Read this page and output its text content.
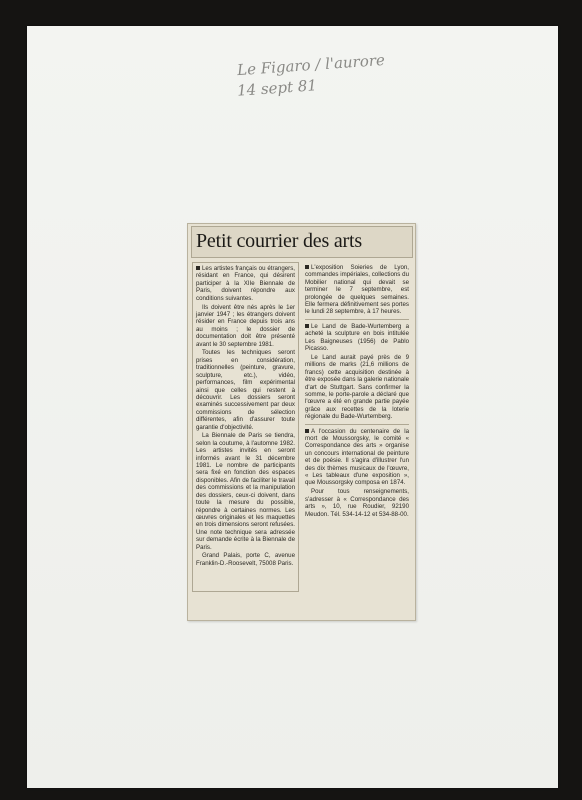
Le Figaro / l'aurore
14 sept 81
Petit courrier des arts

Les artistes français ou étrangers, résidant en France, qui désirent participer à la XIIe Biennale de Paris, doivent répondre aux conditions suivantes.

Ils doivent être nés après le 1er janvier 1947 ; les étrangers doivent résider en France depuis trois ans au moins ; le dossier de documentation doit être présenté avant le 30 septembre 1981.

Toutes les techniques seront prises en considération, traditionnelles (peinture, gravure, sculpture, etc.), vidéo, performances, film expérimental ainsi que celles qui restent à découvrir. Les dossiers seront examinés successivement par deux commissions de sélection différentes, afin d'assurer toute garantie d'objectivité.

La Biennale de Paris se tiendra, selon la coutume, à l'automne 1982. Les artistes invités en seront informés avant le 31 décembre 1981. Le nombre de participants sera fixé en fonction des espaces disponibles. Afin de faciliter le travail des commissions et la manipulation des dossiers, ceux-ci doivent, dans toute la mesure du possible, répondre à certaines normes. Les œuvres originales et les maquettes en trois dimensions seront refusées. Une note technique sera adressée sur demande écrite à la Biennale de Paris.

Grand Palais, porte C, avenue Franklin-D.-Roosevelt, 75008 Paris.

L'exposition Soieries de Lyon, commandes impériales, collections du Mobilier national qui devait se terminer le 7 septembre, est prolongée de quelques semaines. Elle fermera définitivement ses portes le lundi 28 septembre, à 17 heures.

Le Land de Bade-Wurtemberg a acheté la sculpture en bois intitulée Les Baigneuses (1956) de Pablo Picasso.

Le Land aurait payé près de 9 millions de marks (21,6 millions de francs) cette acquisition destinée à être exposée dans la galerie nationale d'art de Stuttgart. Sans confirmer la somme, le porte-parole a déclaré que l'œuvre a été en grande partie payée grâce aux recettes de la loterie régionale du Bade-Wurtemberg.

A l'occasion du centenaire de la mort de Moussorgsky, le comité « Correspondance des arts » organise un concours international de peinture et de poésie. Il s'agira d'illustrer l'un des dix thèmes musicaux de l'œuvre, « Les tableaux d'une exposition », que Moussorgsky composa en 1874.

Pour tous renseignements, s'adresser à « Correspondance des arts », 10, rue Roudier, 92190 Meudon. Tél. 534-14-12 et 534-88-00.
